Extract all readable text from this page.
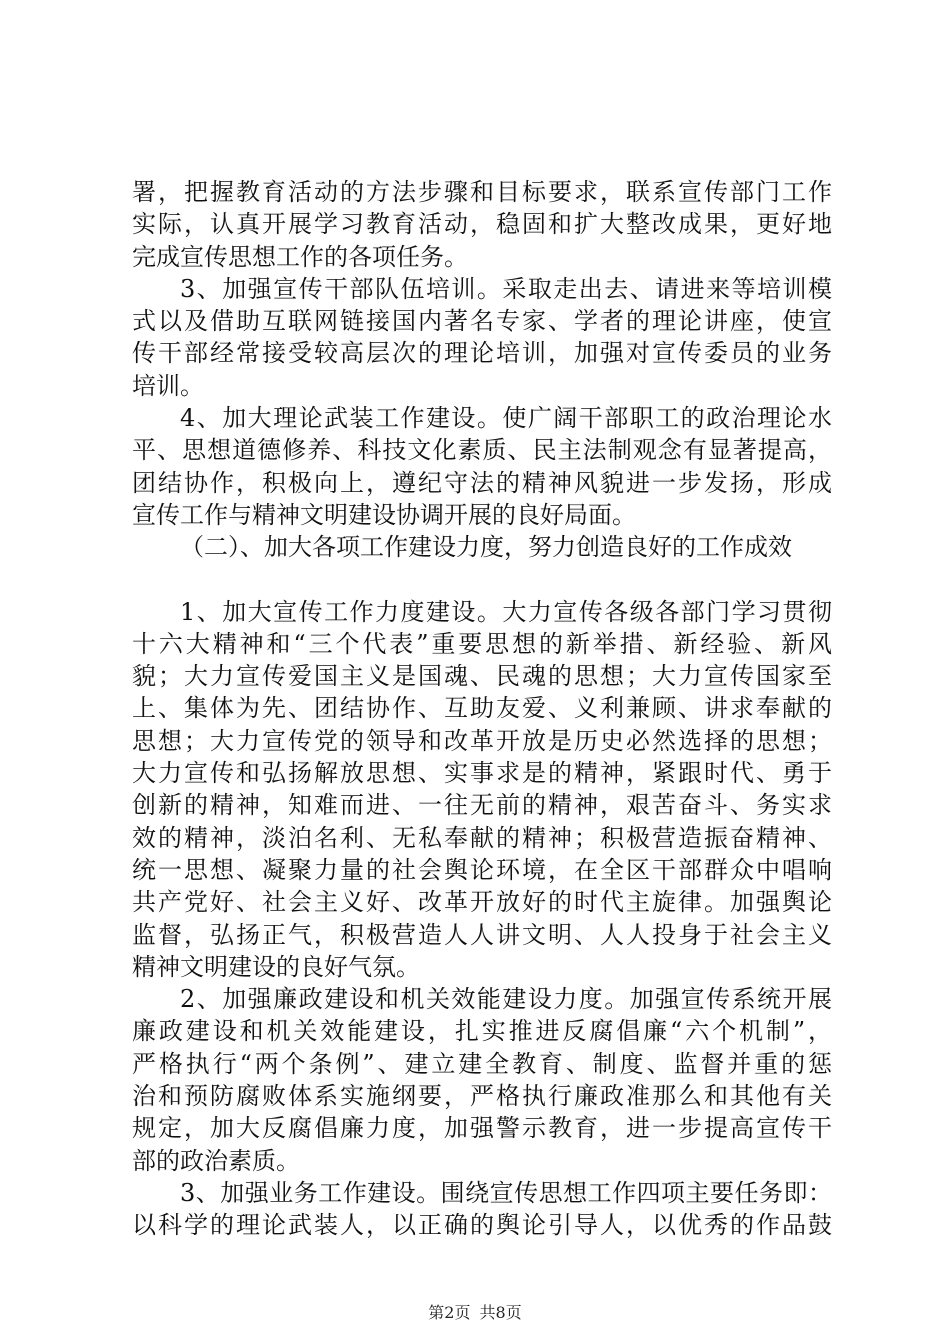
署，把握教育活动的方法步骤和目标要求，联系宣传部门工作
实际，认真开展学习教育活动，稳固和扩大整改成果，更好地
完成宣传思想工作的各项任务。
3、加强宣传干部队伍培训。采取走出去、请进来等培训模
式以及借助互联网链接国内著名专家、学者的理论讲座，使宣
传干部经常接受较高层次的理论培训，加强对宣传委员的业务
培训。
4、加大理论武装工作建设。使广阔干部职工的政治理论水
平、思想道德修养、科技文化素质、民主法制观念有显著提高，
团结协作，积极向上，遵纪守法的精神风貌进一步发扬，形成
宣传工作与精神文明建设协调开展的良好局面。
（二）、加大各项工作建设力度，努力创造良好的工作成效
1、加大宣传工作力度建设。大力宣传各级各部门学习贯彻
十六大精神和“三个代表”重要思想的新举措、新经验、新风
貌；大力宣传爱国主义是国魂、民魂的思想；大力宣传国家至
上、集体为先、团结协作、互助友爱、义利兼顾、讲求奉献的
思想；大力宣传党的领导和改革开放是历史必然选择的思想；
大力宣传和弘扬解放思想、实事求是的精神，紧跟时代、勇于
创新的精神，知难而进、一往无前的精神，艰苦奋斗、务实求
效的精神，淡泊名利、无私奉献的精神；积极营造振奋精神、
统一思想、凝聚力量的社会舆论环境，在全区干部群众中唱响
共产党好、社会主义好、改革开放好的时代主旋律。加强舆论
监督，弘扬正气，积极营造人人讲文明、人人投身于社会主义
精神文明建设的良好气氛。
2、加强廉政建设和机关效能建设力度。加强宣传系统开展
廉政建设和机关效能建设，扎实推进反腐倡廉“六个机制”，
严格执行“两个条例”、建立建全教育、制度、监督并重的惩
治和预防腐败体系实施纲要，严格执行廉政准那么和其他有关
规定，加大反腐倡廉力度，加强警示教育，进一步提高宣传干
部的政治素质。
3、加强业务工作建设。围绕宣传思想工作四项主要任务即：
以科学的理论武装人，以正确的舆论引导人，以优秀的作品鼓
第2页 共8页
